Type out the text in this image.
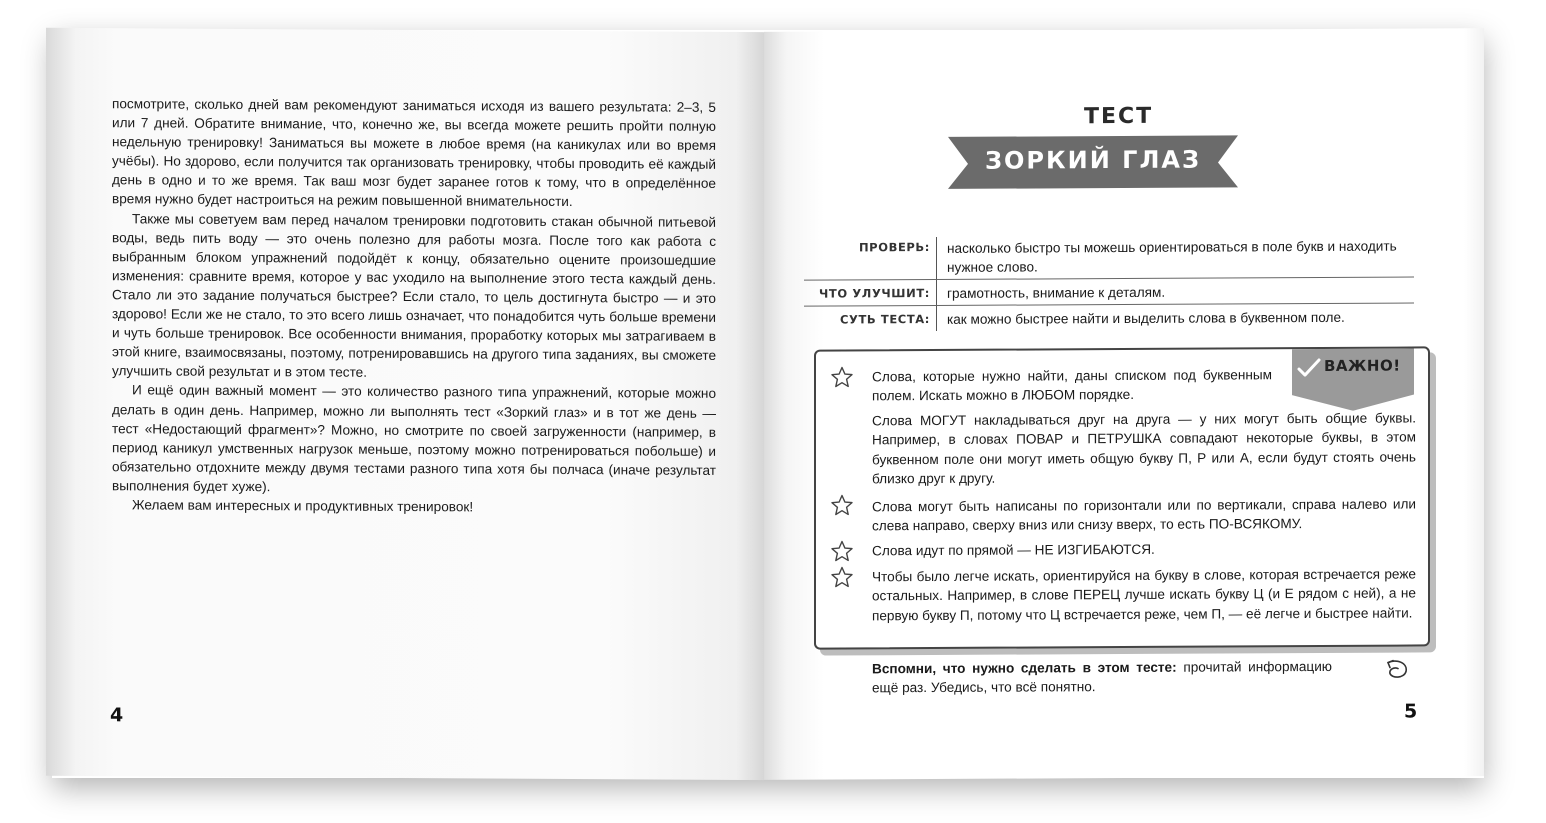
посмотрите, сколько дней вам рекомендуют заниматься исходя из вашего результата: 2–3, 5 или 7 дней. Обратите внимание, что, конечно же, вы всегда можете решить пройти полную недельную тренировку! Заниматься вы можете в любое время (на каникулах или во время учёбы). Но здорово, если получится так организовать тренировку, чтобы проводить её каждый день в одно и то же время. Так ваш мозг будет заранее готов к тому, что в определённое время нужно будет настроиться на режим повышенной внимательности.

Также мы советуем вам перед началом тренировки подготовить стакан обычной питьевой воды, ведь пить воду — это очень полезно для работы мозга. После того как работа с выбранным блоком упражнений подойдёт к концу, обязательно оцените произошедшие изменения: сравните время, которое у вас уходило на выполнение этого теста каждый день. Стало ли это задание получаться быстрее? Если стало, то цель достигнута быстро — и это здорово! Если же не стало, то это всего лишь означает, что понадобится чуть больше времени и чуть больше тренировок. Все особенности внимания, проработку которых мы затрагиваем в этой книге, взаимосвязаны, поэтому, потренировавшись на другого типа заданиях, вы сможете улучшить свой результат и в этом тесте.

И ещё один важный момент — это количество разного типа упражнений, которые можно делать в один день. Например, можно ли выполнять тест «Зоркий глаз» и в тот же день — тест «Недостающий фрагмент»? Можно, но смотрите по своей загруженности (например, в период каникул умственных нагрузок меньше, поэтому можно потренироваться побольше) и обязательно отдохните между двумя тестами разного типа хотя бы полчаса (иначе результат выполнения будет хуже).

Желаем вам интересных и продуктивных тренировок!

4
ТЕСТ
ЗОРКИЙ ГЛАЗ
ПРОВЕРЬ:	насколько быстро ты можешь ориентироваться в поле букв и находить нужное слово.
ЧТО УЛУЧШИТ:	грамотность, внимание к деталям.
СУТЬ ТЕСТА:	как можно быстрее найти и выделить слова в буквенном поле.
ВАЖНО!
Слова, которые нужно найти, даны списком под буквенным полем. Искать можно в ЛЮБОМ порядке.
Слова МОГУТ накладываться друг на друга — у них могут быть общие буквы. Например, в словах ПОВАР и ПЕТРУШКА совпадают некоторые буквы, в этом буквенном поле они могут иметь общую букву П, Р или А, если будут стоять очень близко друг к другу.
Слова могут быть написаны по горизонтали или по вертикали, справа налево или слева направо, сверху вниз или снизу вверх, то есть ПО-ВСЯКОМУ.
Слова идут по прямой — НЕ ИЗГИБАЮТСЯ.
Чтобы было легче искать, ориентируйся на букву в слове, которая встречается реже остальных. Например, в слове ПЕРЕЦ лучше искать букву Ц (и Е рядом с ней), а не первую букву П, потому что Ц встречается реже, чем П, — её легче и быстрее найти.
Вспомни, что нужно сделать в этом тесте: прочитай информацию ещё раз. Убедись, что всё понятно.
5
